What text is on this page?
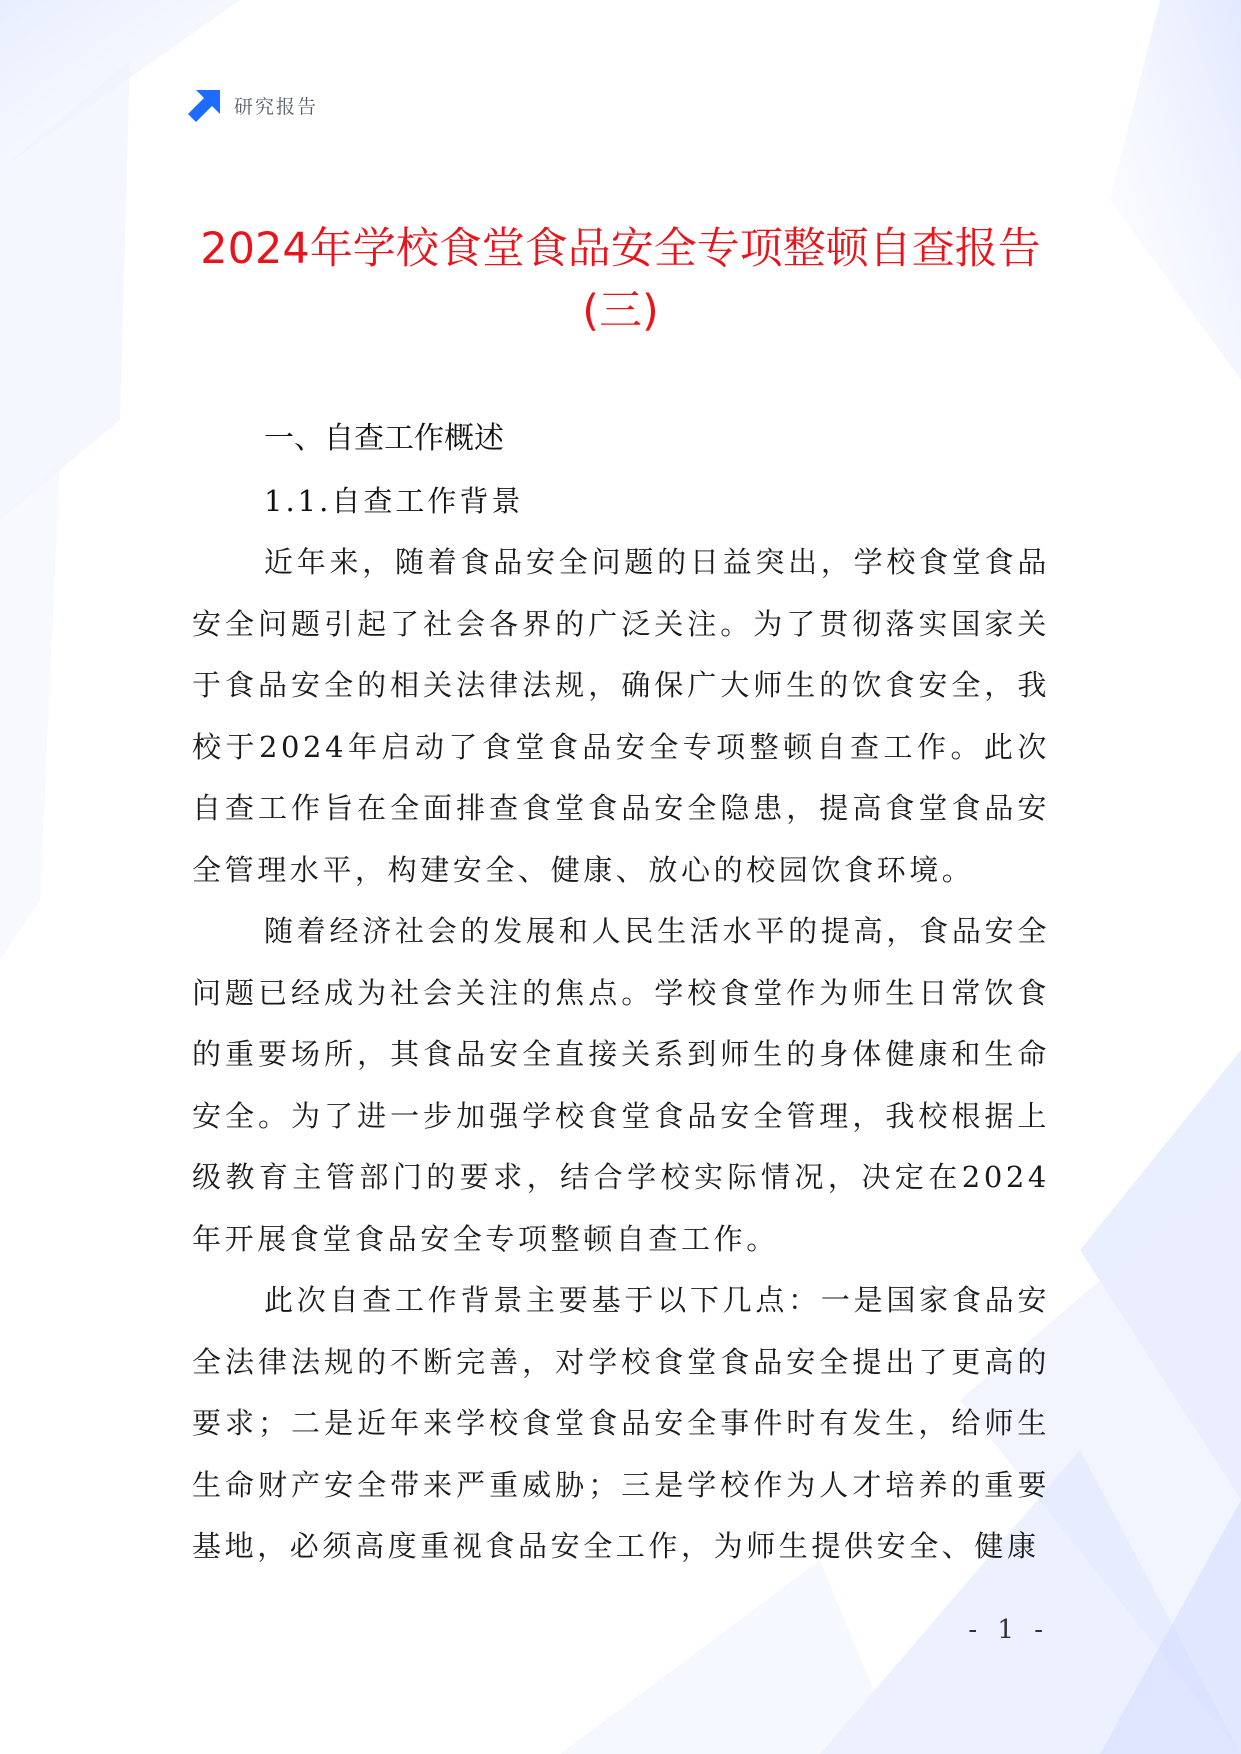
研究报告
2024年学校食堂食品安全专项整顿自查报告(三)
一、自查工作概述
1.1.自查工作背景

近年来，随着食品安全问题的日益突出，学校食堂食品安全问题引起了社会各界的广泛关注。为了贯彻落实国家关于食品安全的相关法律法规，确保广大师生的饮食安全，我校于2024年启动了食堂食品安全专项整顿自查工作。此次自查工作旨在全面排查食堂食品安全隐患，提高食堂食品安全管理水平，构建安全、健康、放心的校园饮食环境。

随着经济社会的发展和人民生活水平的提高，食品安全问题已经成为社会关注的焦点。学校食堂作为师生日常饮食的重要场所，其食品安全直接关系到师生的身体健康和生命安全。为了进一步加强学校食堂食品安全管理，我校根据上级教育主管部门的要求，结合学校实际情况，决定在2024年开展食堂食品安全专项整顿自查工作。

此次自查工作背景主要基于以下几点：一是国家食品安全法律法规的不断完善，对学校食堂食品安全提出了更高的要求；二是近年来学校食堂食品安全事件时有发生，给师生生命财产安全带来严重威胁；三是学校作为人才培养的重要基地，必须高度重视食品安全工作，为师生提供安全、健康

- 1 -
